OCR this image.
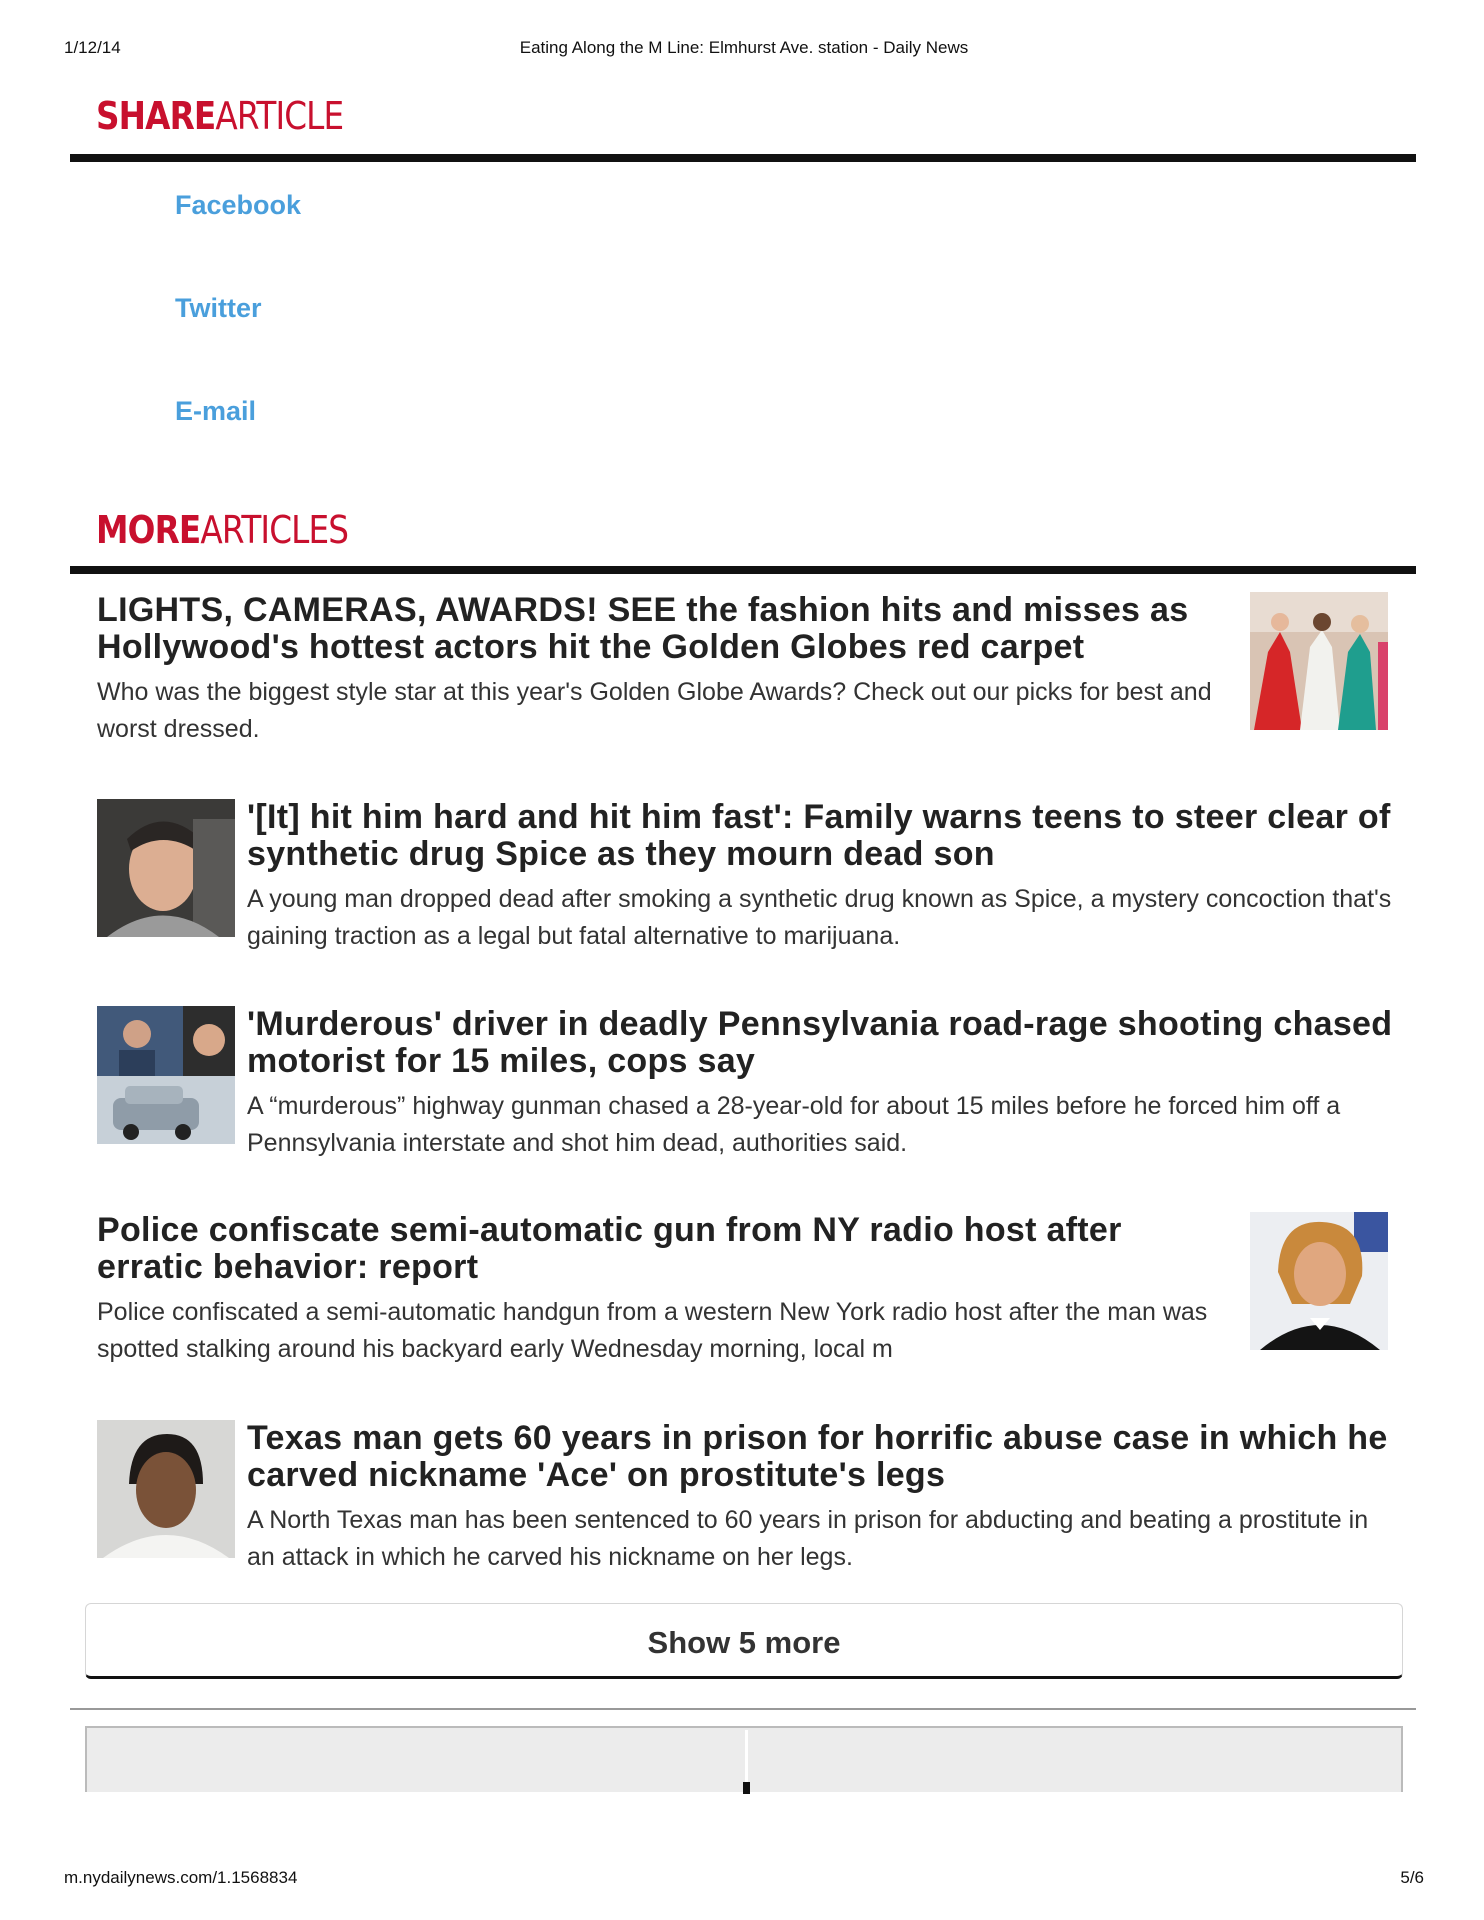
1/12/14	Eating Along the M Line: Elmhurst Ave. station - Daily News
SHAREARTICLE
Facebook
Twitter
E-mail
MOREARTICLES
LIGHTS, CAMERAS, AWARDS! SEE the fashion hits and misses as Hollywood's hottest actors hit the Golden Globes red carpet

Who was the biggest style star at this year's Golden Globe Awards? Check out our picks for best and worst dressed.

'[It] hit him hard and hit him fast': Family warns teens to steer clear of synthetic drug Spice as they mourn dead son

A young man dropped dead after smoking a synthetic drug known as Spice, a mystery concoction that's gaining traction as a legal but fatal alternative to marijuana.

'Murderous' driver in deadly Pennsylvania road-rage shooting chased motorist for 15 miles, cops say

A “murderous” highway gunman chased a 28-year-old for about 15 miles before he forced him off a Pennsylvania interstate and shot him dead, authorities said.

Police confiscate semi-automatic gun from NY radio host after erratic behavior: report

Police confiscated a semi-automatic handgun from a western New York radio host after the man was spotted stalking around his backyard early Wednesday morning, local m

Texas man gets 60 years in prison for horrific abuse case in which he carved nickname 'Ace' on prostitute's legs

A North Texas man has been sentenced to 60 years in prison for abducting and beating a prostitute in an attack in which he carved his nickname on her legs.

Show 5 more
m.nydailynews.com/1.1568834	5/6
